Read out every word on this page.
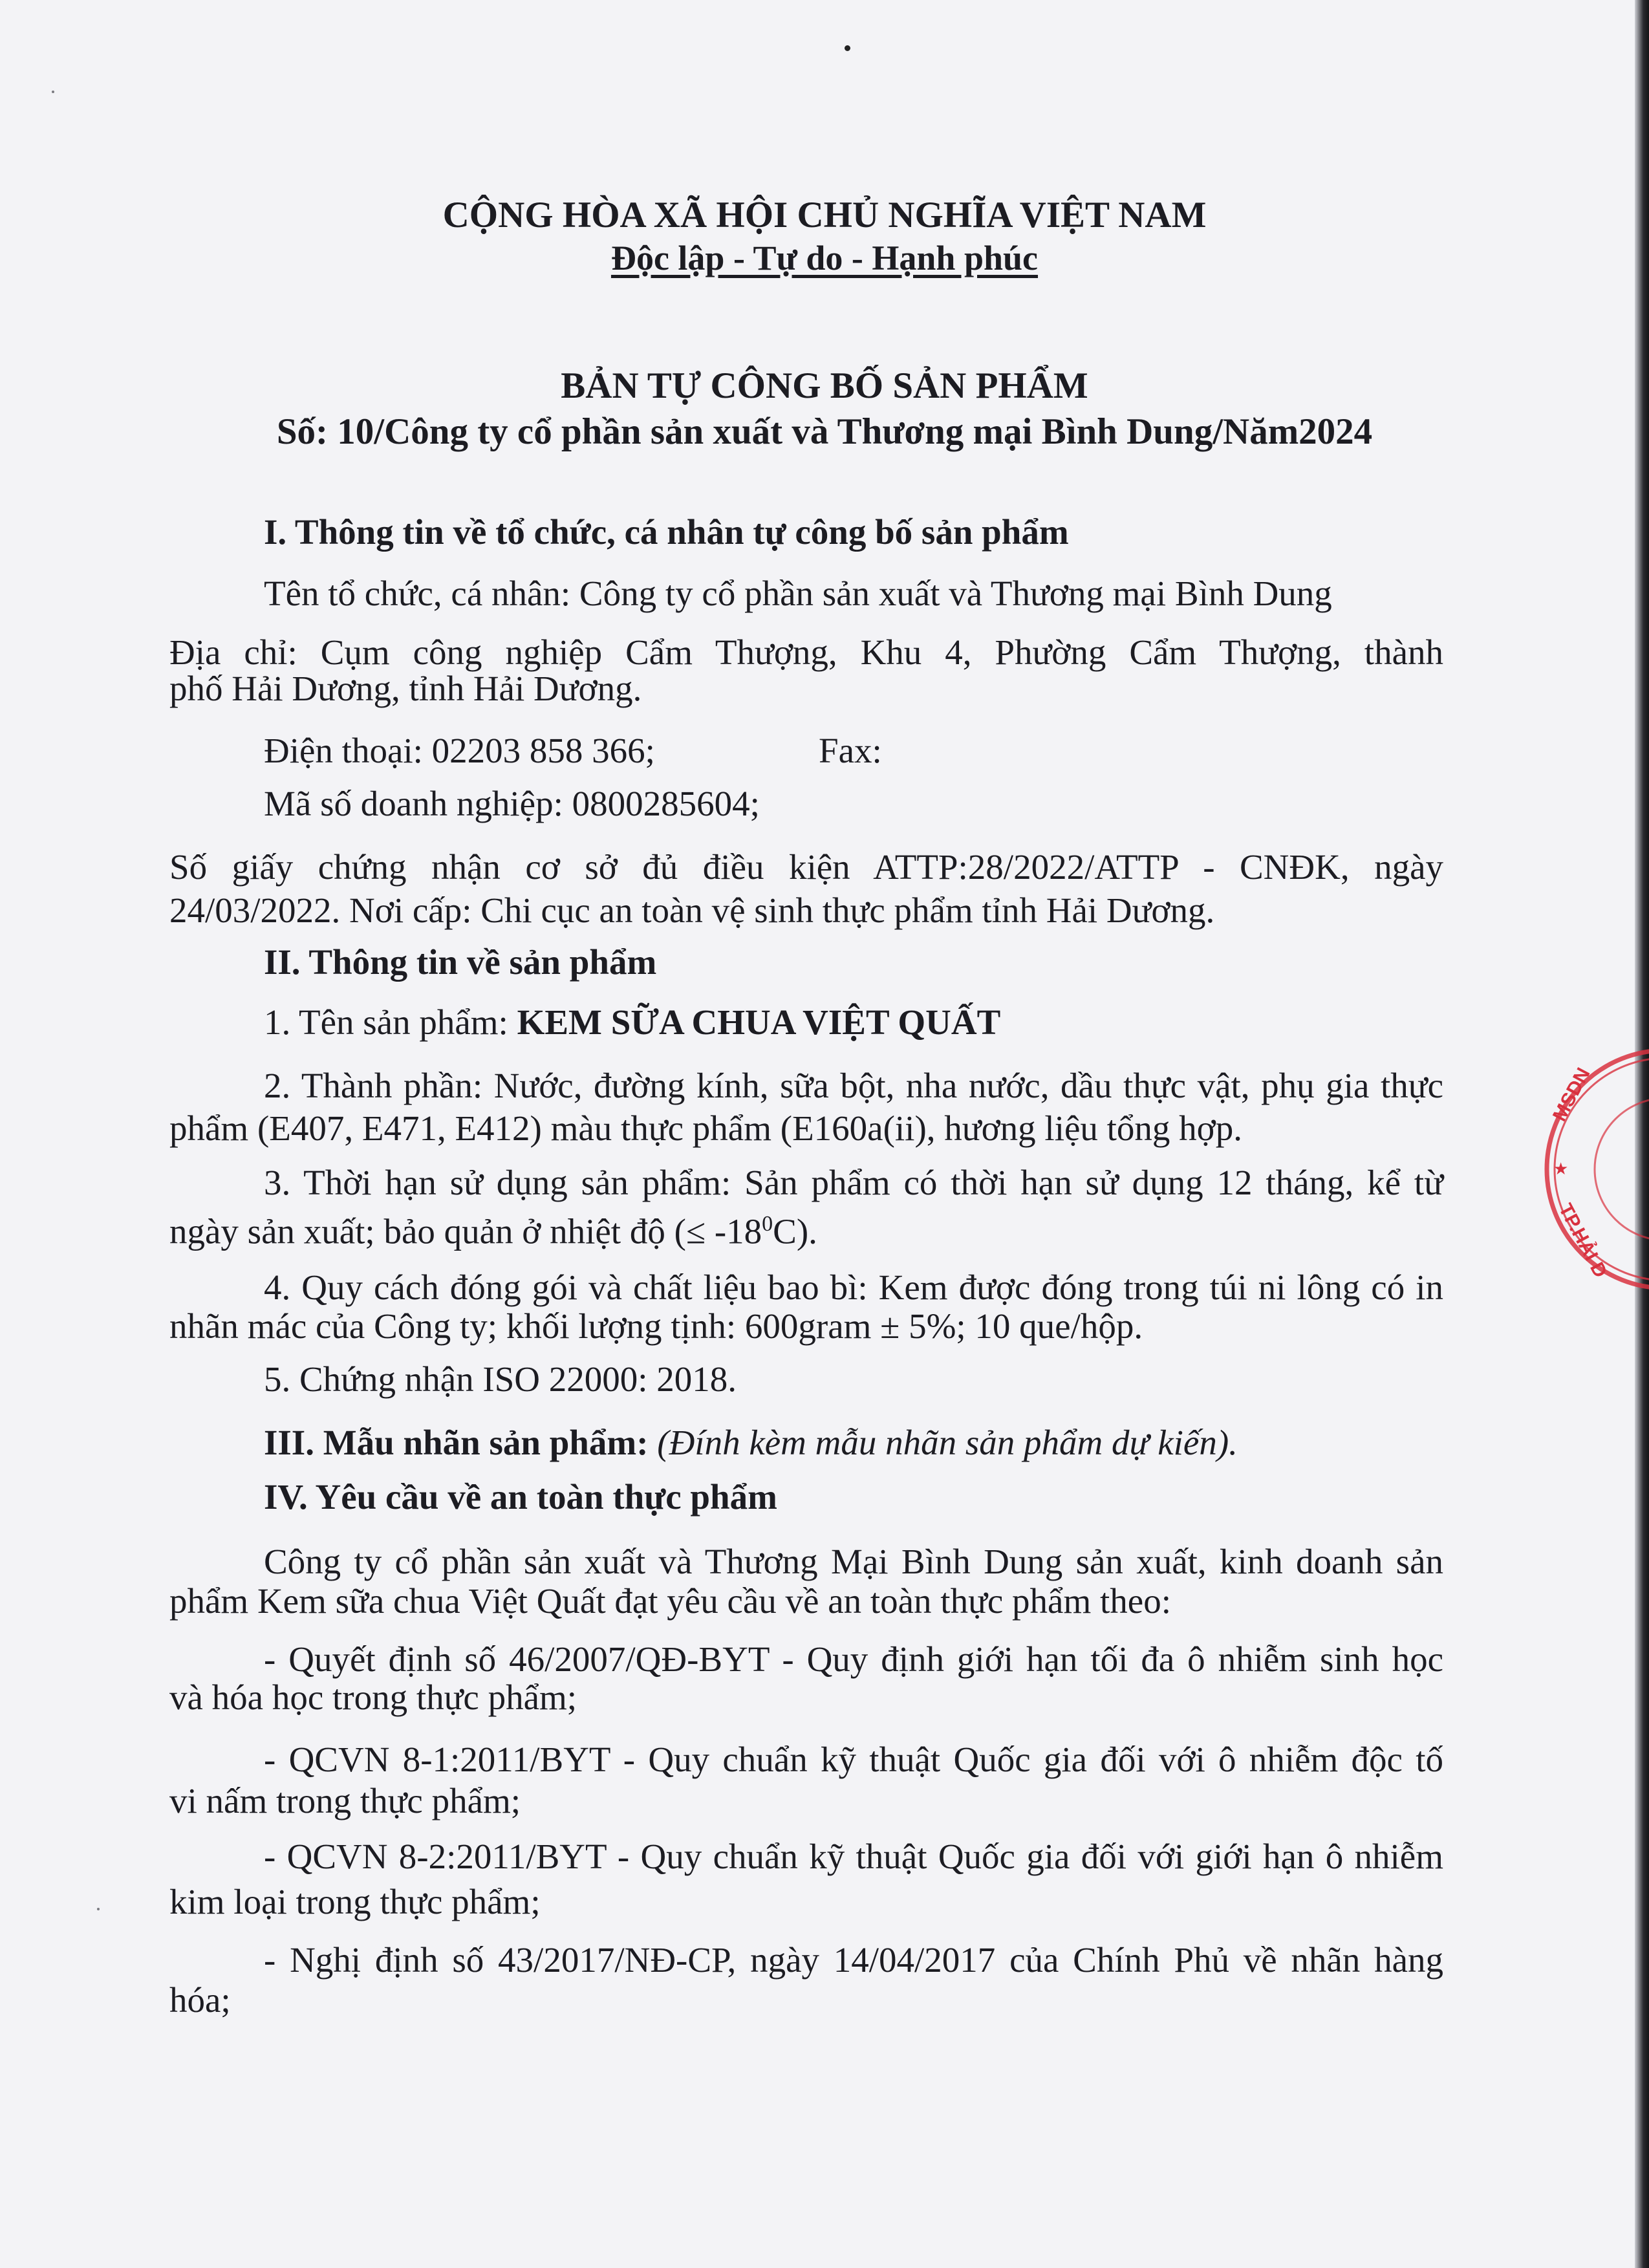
CỘNG HÒA XÃ HỘI CHỦ NGHĨA VIỆT NAM
Độc lập - Tự do - Hạnh phúc
BẢN TỰ CÔNG BỐ SẢN PHẨM
Số: 10/Công ty cổ phần sản xuất và Thương mại Bình Dung/Năm2024
I. Thông tin về tổ chức, cá nhân tự công bố sản phẩm
Tên tổ chức, cá nhân: Công ty cổ phần sản xuất và Thương mại Bình Dung
Địa chỉ: Cụm công nghiệp Cẩm Thượng, Khu 4, Phường Cẩm Thượng, thành
phố Hải Dương, tỉnh Hải Dương.
Điện thoại: 02203 858 366;	Fax:
Mã số doanh nghiệp: 0800285604;
Số giấy chứng nhận cơ sở đủ điều kiện ATTP:28/2022/ATTP - CNĐK, ngày
24/03/2022. Nơi cấp: Chi cục an toàn vệ sinh thực phẩm tỉnh Hải Dương.
II. Thông tin về sản phẩm
1. Tên sản phẩm: KEM SỮA CHUA VIỆT QUẤT
2. Thành phần: Nước, đường kính, sữa bột, nha nước, dầu thực vật, phụ gia thực
phẩm (E407, E471, E412) màu thực phẩm (E160a(ii), hương liệu tổng hợp.
3. Thời hạn sử dụng sản phẩm: Sản phẩm có thời hạn sử dụng 12 tháng, kể từ
ngày sản xuất; bảo quản ở nhiệt độ (≤ $-18^0C$).
4. Quy cách đóng gói và chất liệu bao bì: Kem được đóng trong túi ni lông có in
nhãn mác của Công ty; khối lượng tịnh: 600gram ± 5%; 10 que/hộp.
5. Chứng nhận ISO 22000: 2018.
III. Mẫu nhãn sản phẩm: (Đính kèm mẫu nhãn sản phẩm dự kiến).
IV. Yêu cầu về an toàn thực phẩm
Công ty cổ phần sản xuất và Thương Mại Bình Dung sản xuất, kinh doanh sản
phẩm Kem sữa chua Việt Quất đạt yêu cầu về an toàn thực phẩm theo:
- Quyết định số 46/2007/QĐ-BYT - Quy định giới hạn tối đa ô nhiễm sinh học
và hóa học trong thực phẩm;
- QCVN 8-1:2011/BYT - Quy chuẩn kỹ thuật Quốc gia đối với ô nhiễm độc tố
vi nấm trong thực phẩm;
- QCVN 8-2:2011/BYT - Quy chuẩn kỹ thuật Quốc gia đối với giới hạn ô nhiễm
kim loại trong thực phẩm;
- Nghị định số 43/2017/NĐ-CP, ngày 14/04/2017 của Chính Phủ về nhãn hàng
hóa;
MSDN
TP.HẢI D
★
